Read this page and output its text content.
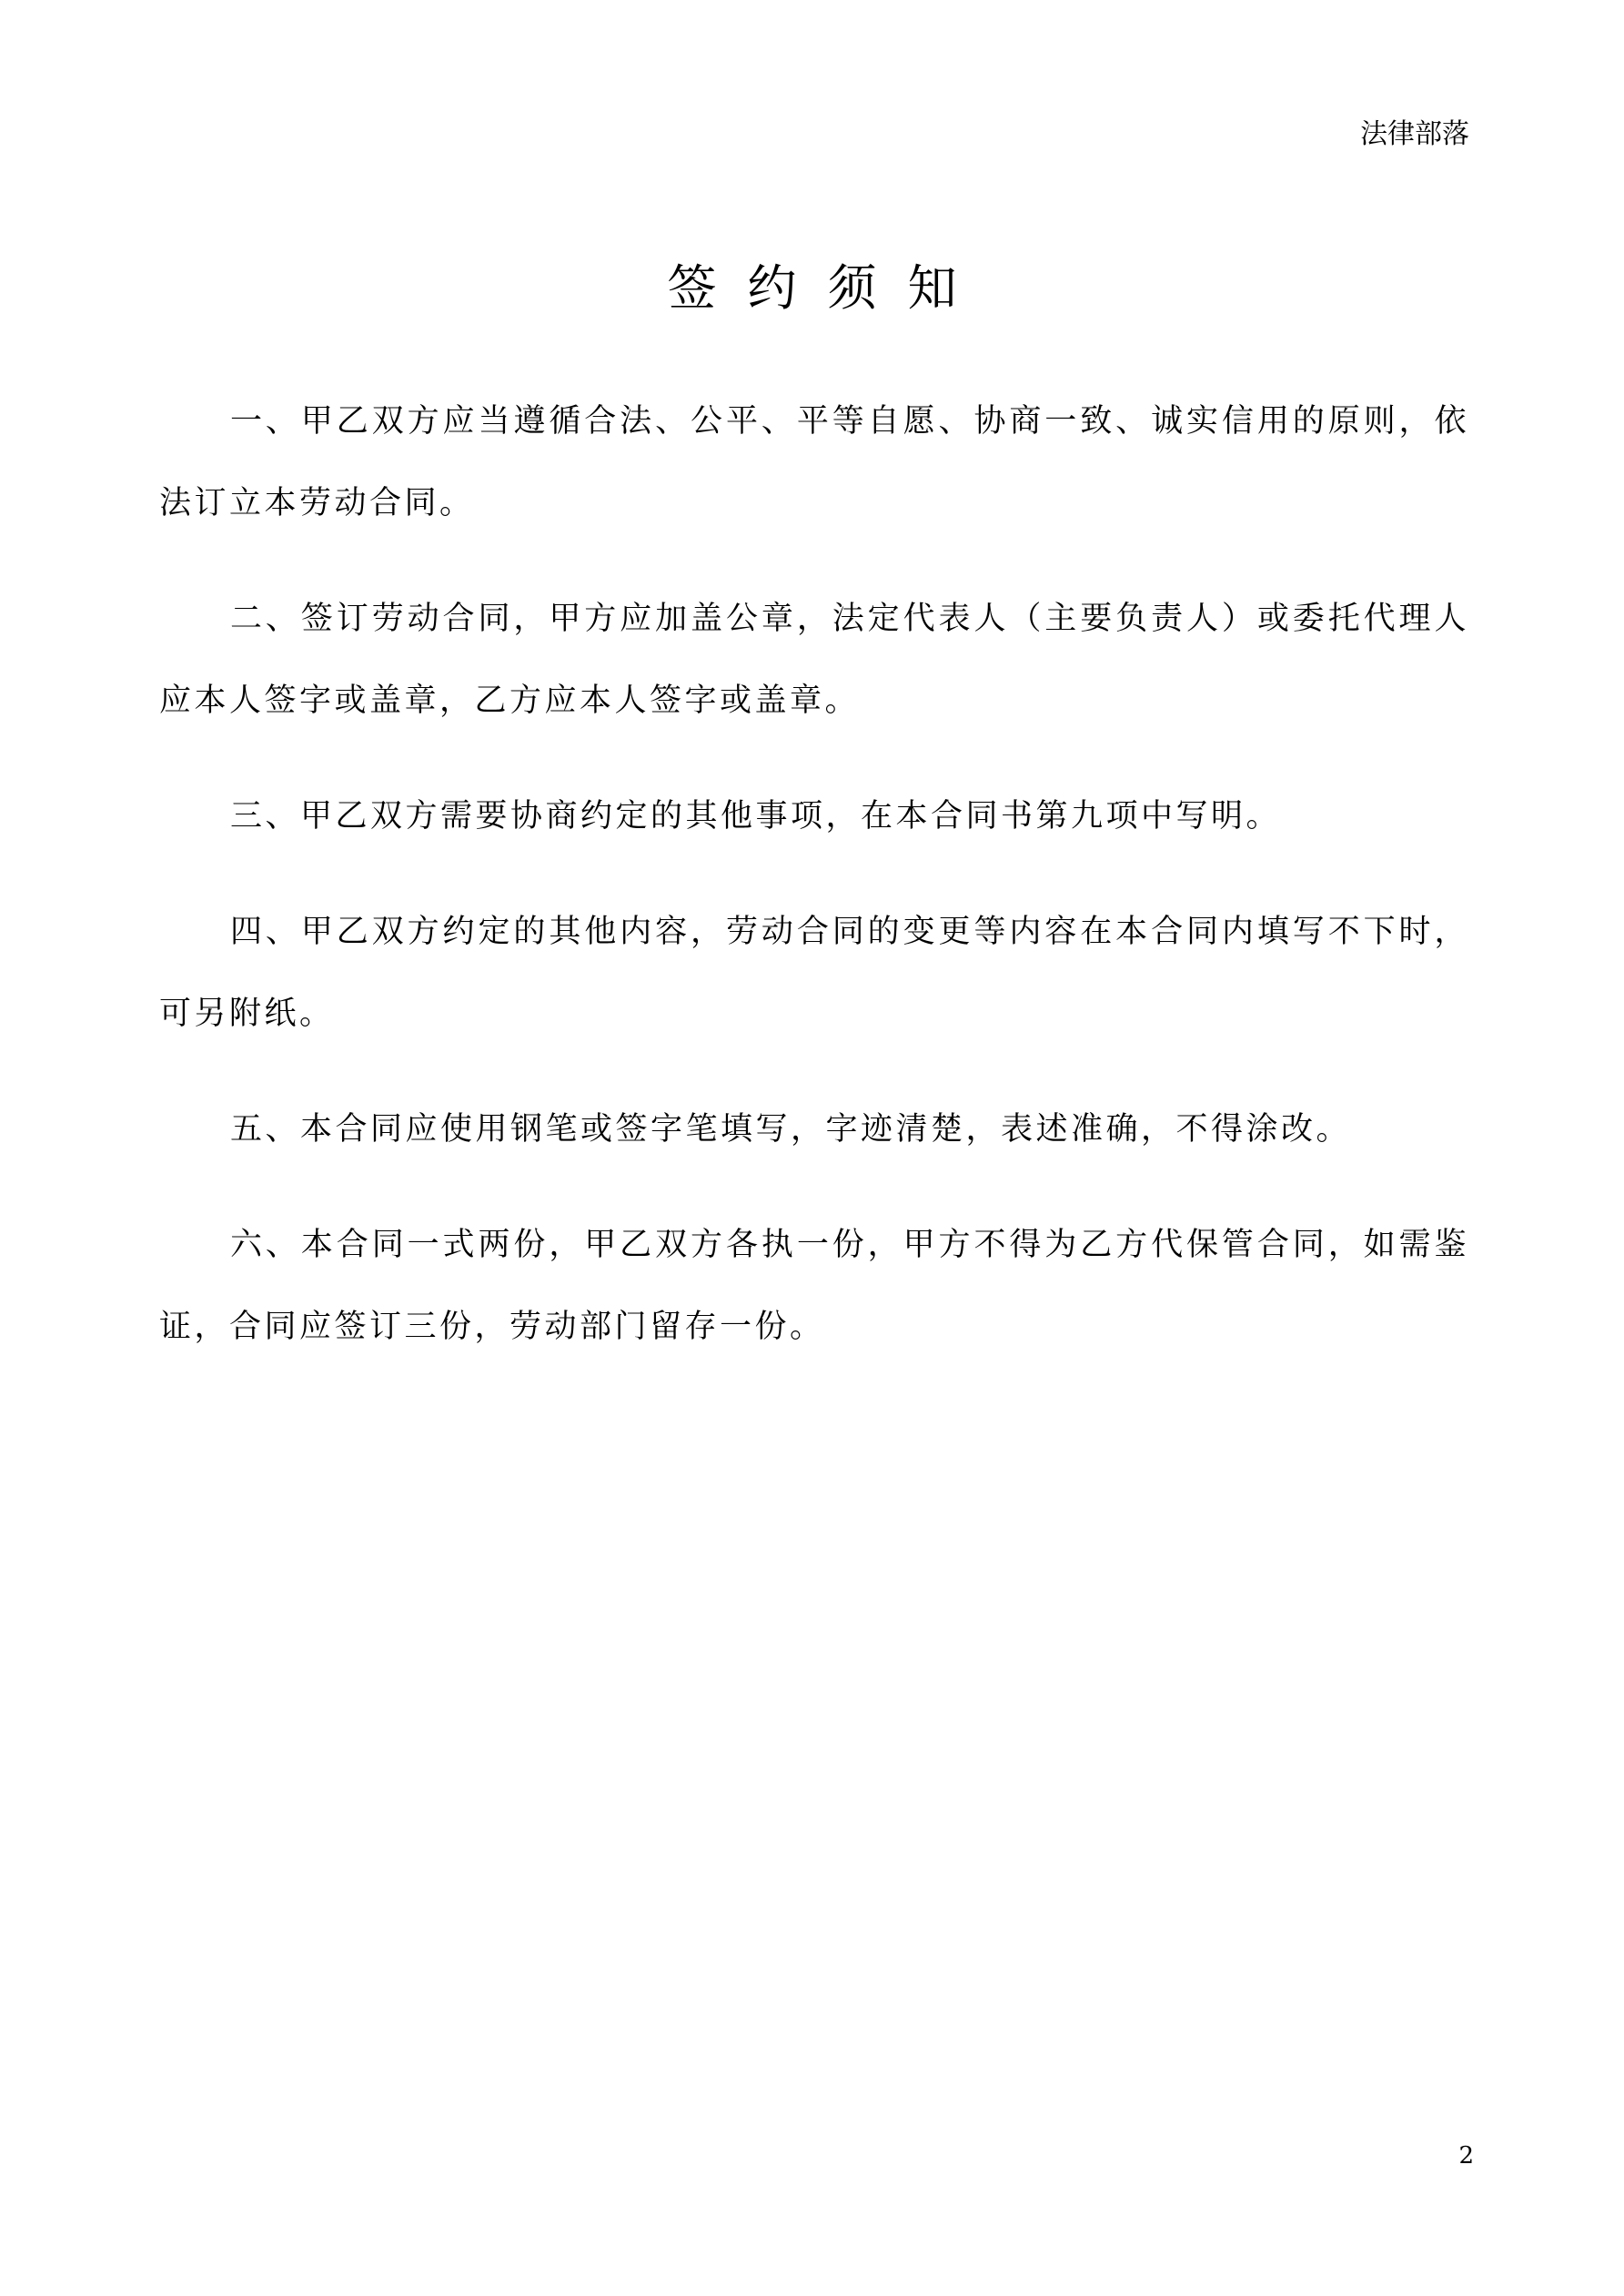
法律部落
签约须知

一、甲乙双方应当遵循合法、公平、平等自愿、协商一致、诚实信用的原则，依法订立本劳动合同。

二、签订劳动合同，甲方应加盖公章，法定代表人（主要负责人）或委托代理人应本人签字或盖章，乙方应本人签字或盖章。

三、甲乙双方需要协商约定的其他事项，在本合同书第九项中写明。

四、甲乙双方约定的其他内容，劳动合同的变更等内容在本合同内填写不下时，可另附纸。

五、本合同应使用钢笔或签字笔填写，字迹清楚，表述准确，不得涂改。

六、本合同一式两份，甲乙双方各执一份，甲方不得为乙方代保管合同，如需鉴证，合同应签订三份，劳动部门留存一份。

2
